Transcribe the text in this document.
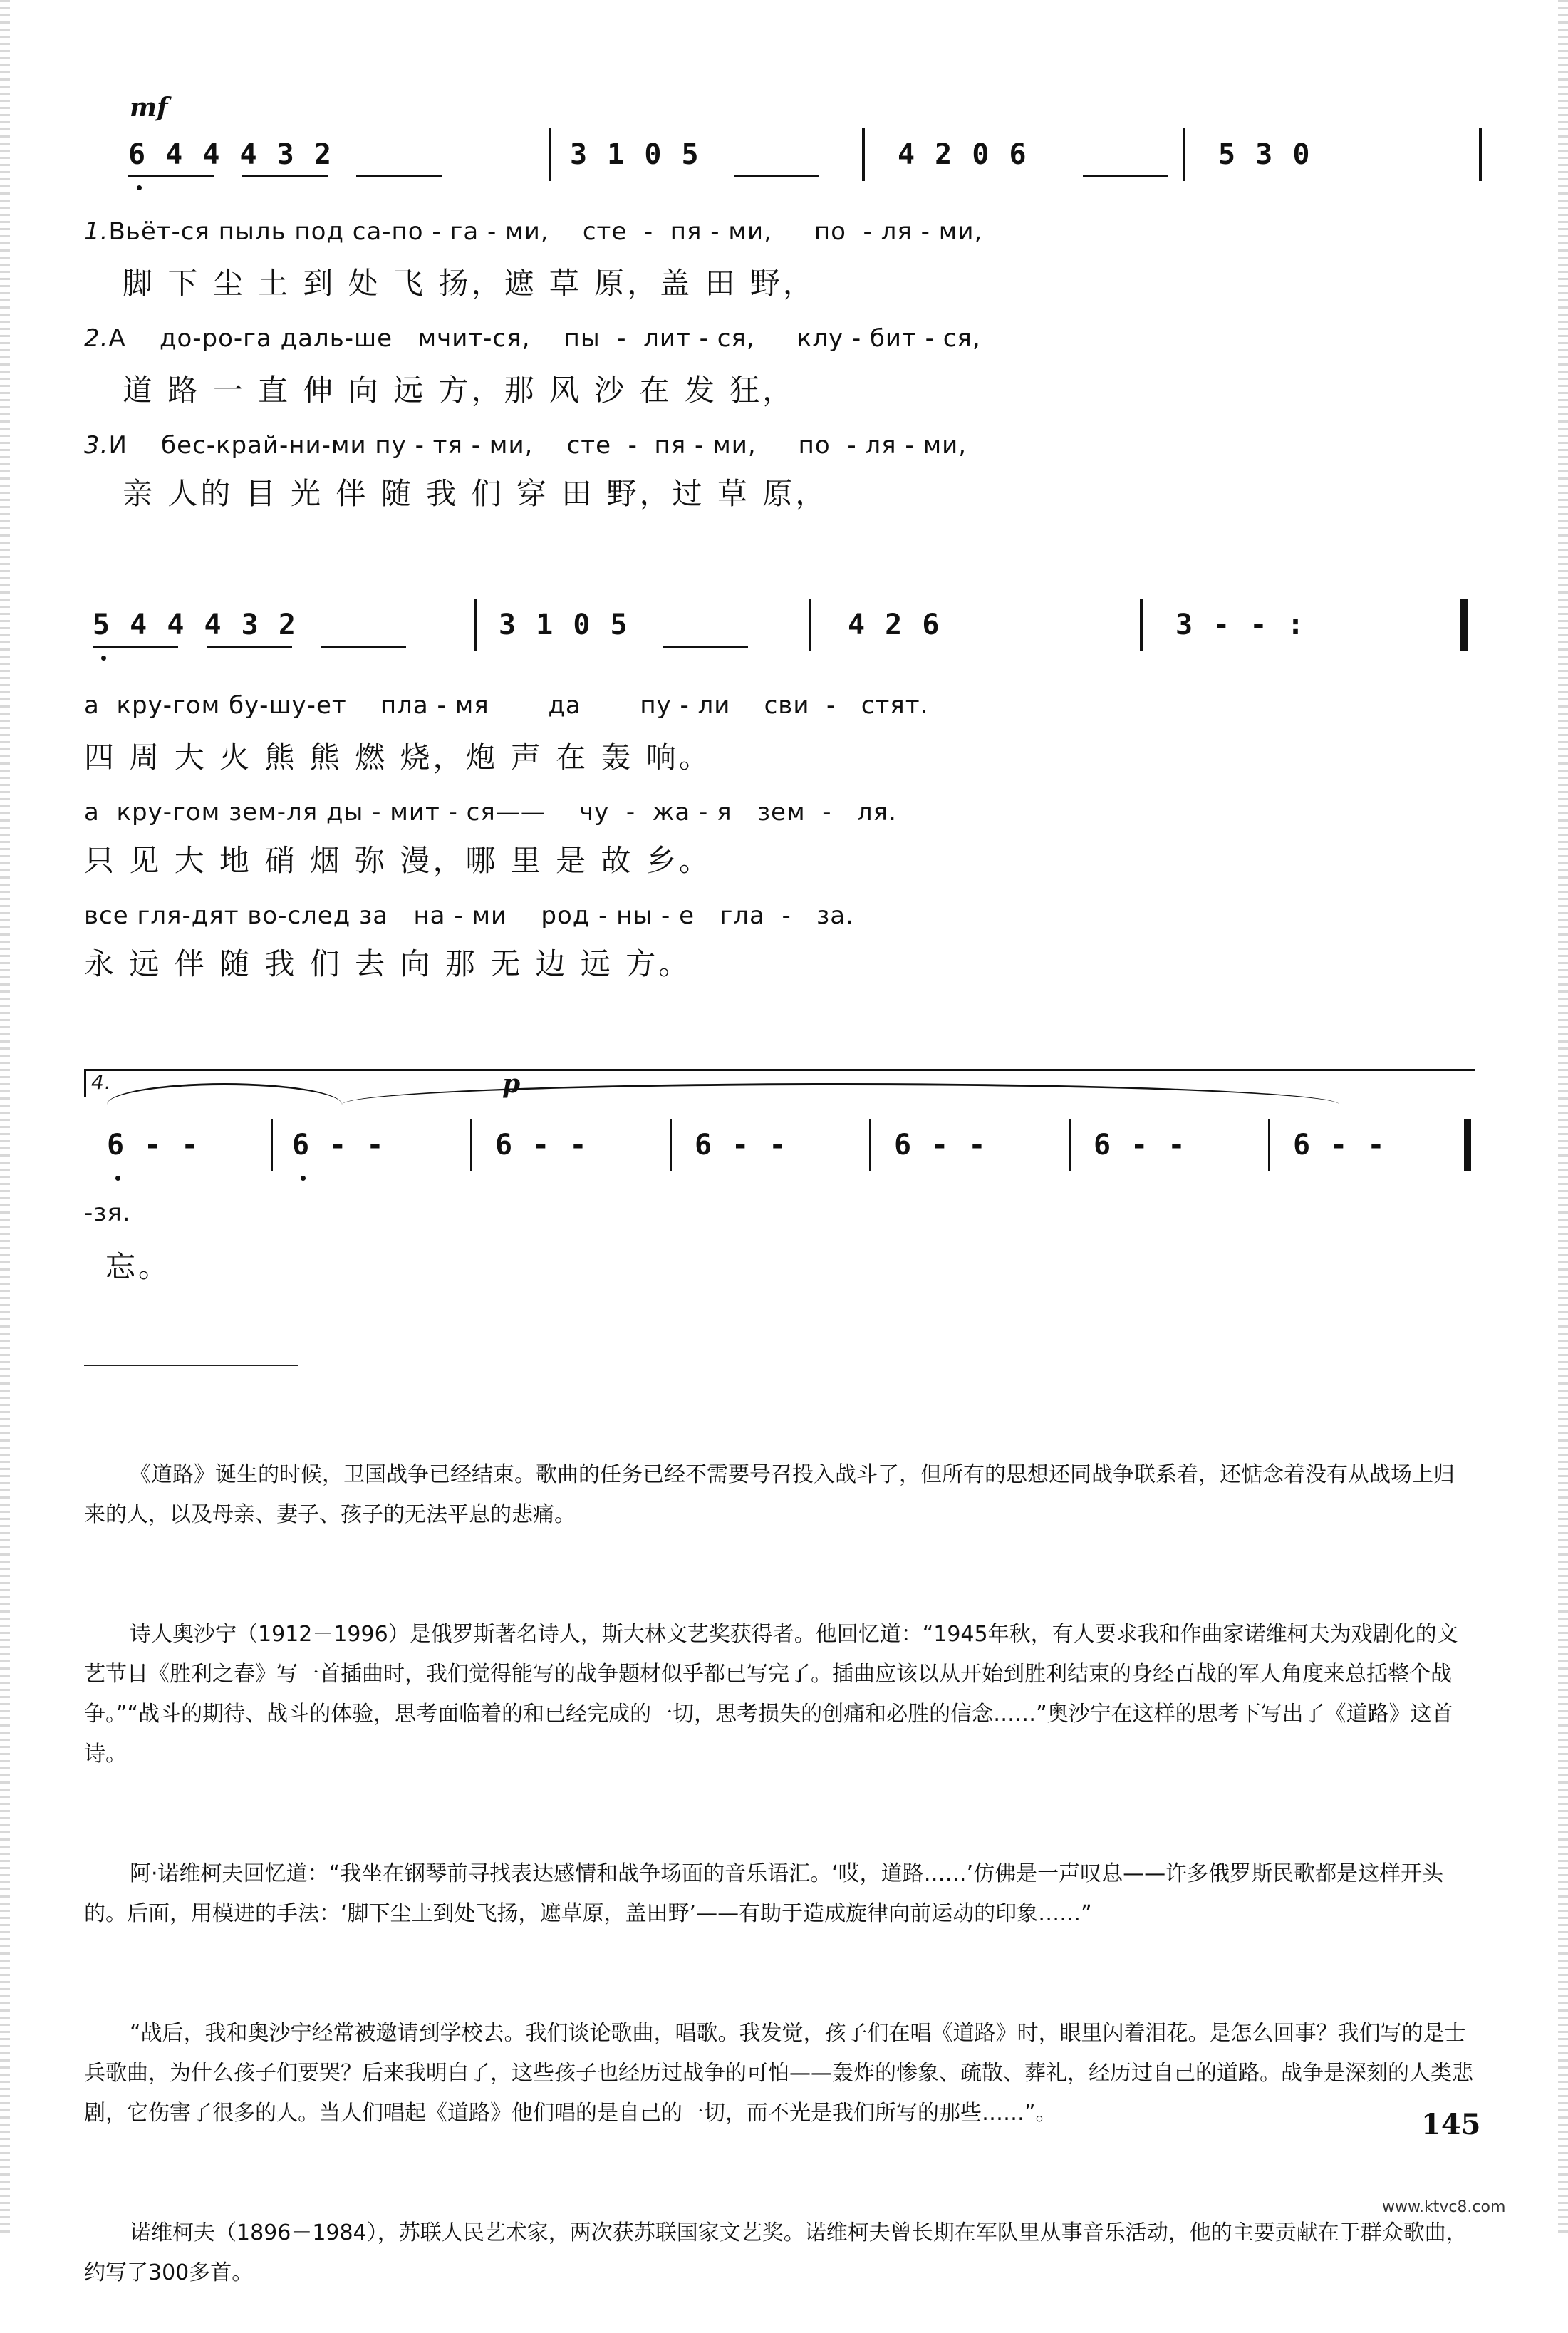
mf
6 4 4 4 3 2	3 1 0 5	4 2 0 6	5 3 0
1.Вьёт-ся пыль под са-по - га - ми,    сте  -  пя - ми,     по  - ля - ми,
脚 下 尘 土 到 处 飞 扬，遮 草 原，盖 田 野，
2.А    до-ро-га даль-ше   мчит-ся,    пы  -  лит - ся,     клу - бит - ся,
道 路 一 直 伸 向 远 方，那 风 沙 在 发 狂，
3.И    бес-край-ни-ми пу - тя - ми,    сте  -  пя - ми,     по  - ля - ми,
亲 人的 目 光 伴 随 我 们 穿 田 野，过 草 原，
5 4 4 4 3 2	3 1 0 5	4 2 6	3 - - :
а  кру-гом бу-шу-ет    пла - мя       да       пу - ли    сви  -   стят.
四 周 大 火 熊 熊 燃 烧，炮 声 在 轰 响。
а  кру-гом зем-ля ды - мит - ся——    чу  -  жа - я   зем  -   ля.
只 见 大 地 硝 烟 弥 漫，哪 里 是 故 乡。
все гля-дят во-след за   на - ми    род - ны - е   гла  -   за.
永 远 伴 随 我 们 去 向 那 无 边 远 方。
4.	p
6 - -	6 - -	6 - -	6 - -	6 - -	6 - -	6 - -
-зя.
忘。

《道路》诞生的时候，卫国战争已经结束。歌曲的任务已经不需要号召投入战斗了，但所有的思想还同战争联系着，还惦念着没有从战场上归来的人，以及母亲、妻子、孩子的无法平息的悲痛。

诗人奥沙宁（1912－1996）是俄罗斯著名诗人，斯大林文艺奖获得者。他回忆道：“1945年秋，有人要求我和作曲家诺维柯夫为戏剧化的文艺节目《胜利之春》写一首插曲时，我们觉得能写的战争题材似乎都已写完了。插曲应该以从开始到胜利结束的身经百战的军人角度来总括整个战争。”“战斗的期待、战斗的体验，思考面临着的和已经完成的一切，思考损失的创痛和必胜的信念……”奥沙宁在这样的思考下写出了《道路》这首诗。

阿·诺维柯夫回忆道：“我坐在钢琴前寻找表达感情和战争场面的音乐语汇。‘哎，道路……’仿佛是一声叹息——许多俄罗斯民歌都是这样开头的。后面，用模进的手法：‘脚下尘土到处飞扬，遮草原，盖田野’——有助于造成旋律向前运动的印象……”

“战后，我和奥沙宁经常被邀请到学校去。我们谈论歌曲，唱歌。我发觉，孩子们在唱《道路》时，眼里闪着泪花。是怎么回事？我们写的是士兵歌曲，为什么孩子们要哭？后来我明白了，这些孩子也经历过战争的可怕——轰炸的惨象、疏散、葬礼，经历过自己的道路。战争是深刻的人类悲剧，它伤害了很多的人。当人们唱起《道路》他们唱的是自己的一切，而不光是我们所写的那些……”。

诺维柯夫（1896－1984），苏联人民艺术家，两次获苏联国家文艺奖。诺维柯夫曾长期在军队里从事音乐活动，他的主要贡献在于群众歌曲，约写了300多首。

145
www.ktvc8.com
